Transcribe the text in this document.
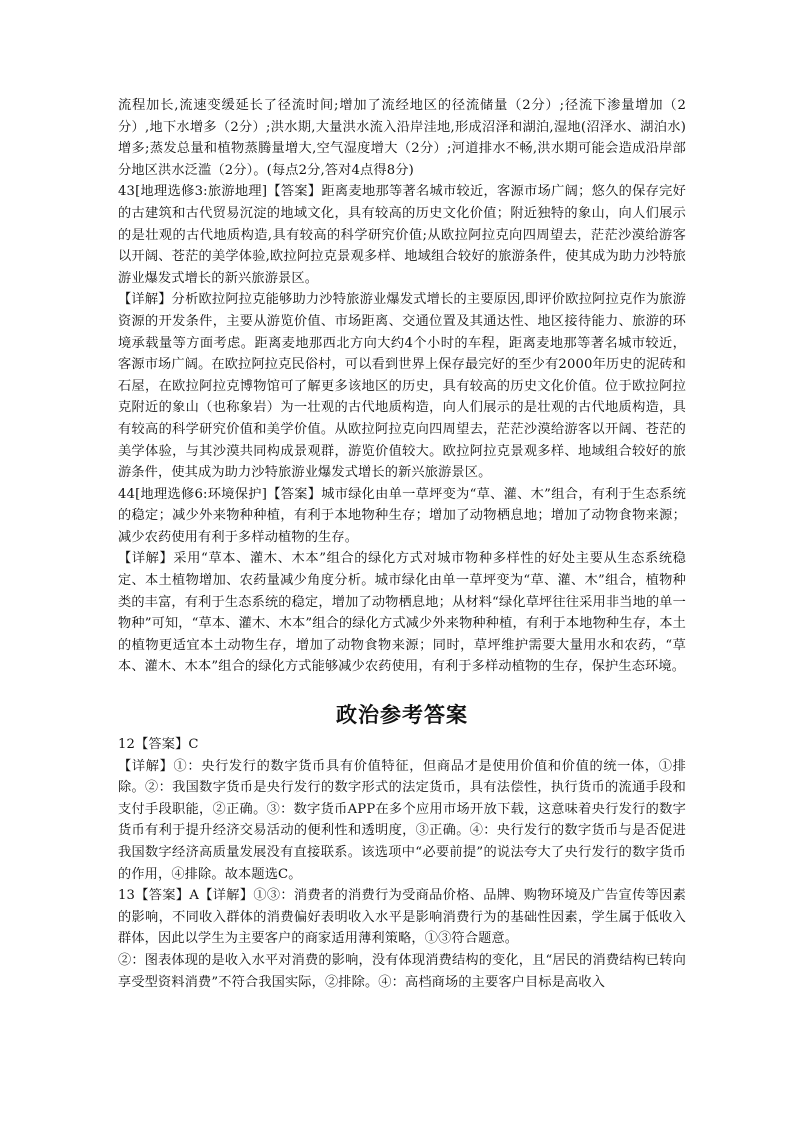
流程加长,流速变缓延长了径流时间;增加了流经地区的径流储量（2分）;径流下渗量增加（2分）,地下水增多（2分）;洪水期,大量洪水流入沿岸洼地,形成沼泽和湖泊,湿地(沼泽水、湖泊水)增多;蒸发总量和植物蒸腾量增大,空气湿度增大（2分）;河道排水不畅,洪水期可能会造成沿岸部分地区洪水泛滥（2分）。(每点2分,答对4点得8分)

43[地理选修3:旅游地理]【答案】距离麦地那等著名城市较近，客源市场广阔；悠久的保存完好的古建筑和古代贸易沉淀的地域文化，具有较高的历史文化价值；附近独特的象山，向人们展示的是壮观的古代地质构造,具有较高的科学研究价值;从欧拉阿拉克向四周望去，茫茫沙漠给游客以开阔、苍茫的美学体验,欧拉阿拉克景观多样、地域组合较好的旅游条件，使其成为助力沙特旅游业爆发式增长的新兴旅游景区。

【详解】分析欧拉阿拉克能够助力沙特旅游业爆发式增长的主要原因,即评价欧拉阿拉克作为旅游资源的开发条件，主要从游览价值、市场距离、交通位置及其通达性、地区接待能力、旅游的环境承载量等方面考虑。距离麦地那西北方向大约4个小时的车程，距离麦地那等著名城市较近，客源市场广阔。在欧拉阿拉克民俗村，可以看到世界上保存最完好的至少有2000年历史的泥砖和石屋，在欧拉阿拉克博物馆可了解更多该地区的历史，具有较高的历史文化价值。位于欧拉阿拉克附近的象山（也称象岩）为一壮观的古代地质构造，向人们展示的是壮观的古代地质构造，具有较高的科学研究价值和美学价值。从欧拉阿拉克向四周望去，茫茫沙漠给游客以开阔、苍茫的美学体验，与其沙漠共同构成景观群，游览价值较大。欧拉阿拉克景观多样、地域组合较好的旅游条件，使其成为助力沙特旅游业爆发式增长的新兴旅游景区。

44[地理选修6:环境保护]【答案】城市绿化由单一草坪变为“草、灌、木”组合，有利于生态系统的稳定；减少外来物种种植，有利于本地物种生存；增加了动物栖息地；增加了动物食物来源；减少农药使用有利于多样动植物的生存。

【详解】采用“草本、灌木、木本”组合的绿化方式对城市物种多样性的好处主要从生态系统稳定、本土植物增加、农药量减少角度分析。城市绿化由单一草坪变为“草、灌、木”组合，植物种类的丰富，有利于生态系统的稳定，增加了动物栖息地；从材料“绿化草坪往往采用非当地的单一物种”可知，“草本、灌木、木本”组合的绿化方式减少外来物种种植，有利于本地物种生存，本土的植物更适宜本土动物生存，增加了动物食物来源；同时，草坪维护需要大量用水和农药，“草本、灌木、木本”组合的绿化方式能够减少农药使用，有利于多样动植物的生存，保护生态环境。

政治参考答案

12【答案】C

【详解】①：央行发行的数字货币具有价值特征，但商品才是使用价值和价值的统一体，①排除。②：我国数字货币是央行发行的数字形式的法定货币，具有法偿性，执行货币的流通手段和支付手段职能，②正确。③：数字货币APP在多个应用市场开放下载，这意味着央行发行的数字货币有利于提升经济交易活动的便利性和透明度，③正确。④：央行发行的数字货币与是否促进我国数字经济高质量发展没有直接联系。该选项中“必要前提”的说法夸大了央行发行的数字货币的作用，④排除。故本题选C。

13【答案】A【详解】①③：消费者的消费行为受商品价格、品牌、购物环境及广告宣传等因素的影响，不同收入群体的消费偏好表明收入水平是影响消费行为的基础性因素，学生属于低收入群体，因此以学生为主要客户的商家适用薄利策略，①③符合题意。

②：图表体现的是收入水平对消费的影响，没有体现消费结构的变化，且“居民的消费结构已转向享受型资料消费”不符合我国实际，②排除。④：高档商场的主要客户目标是高收入
